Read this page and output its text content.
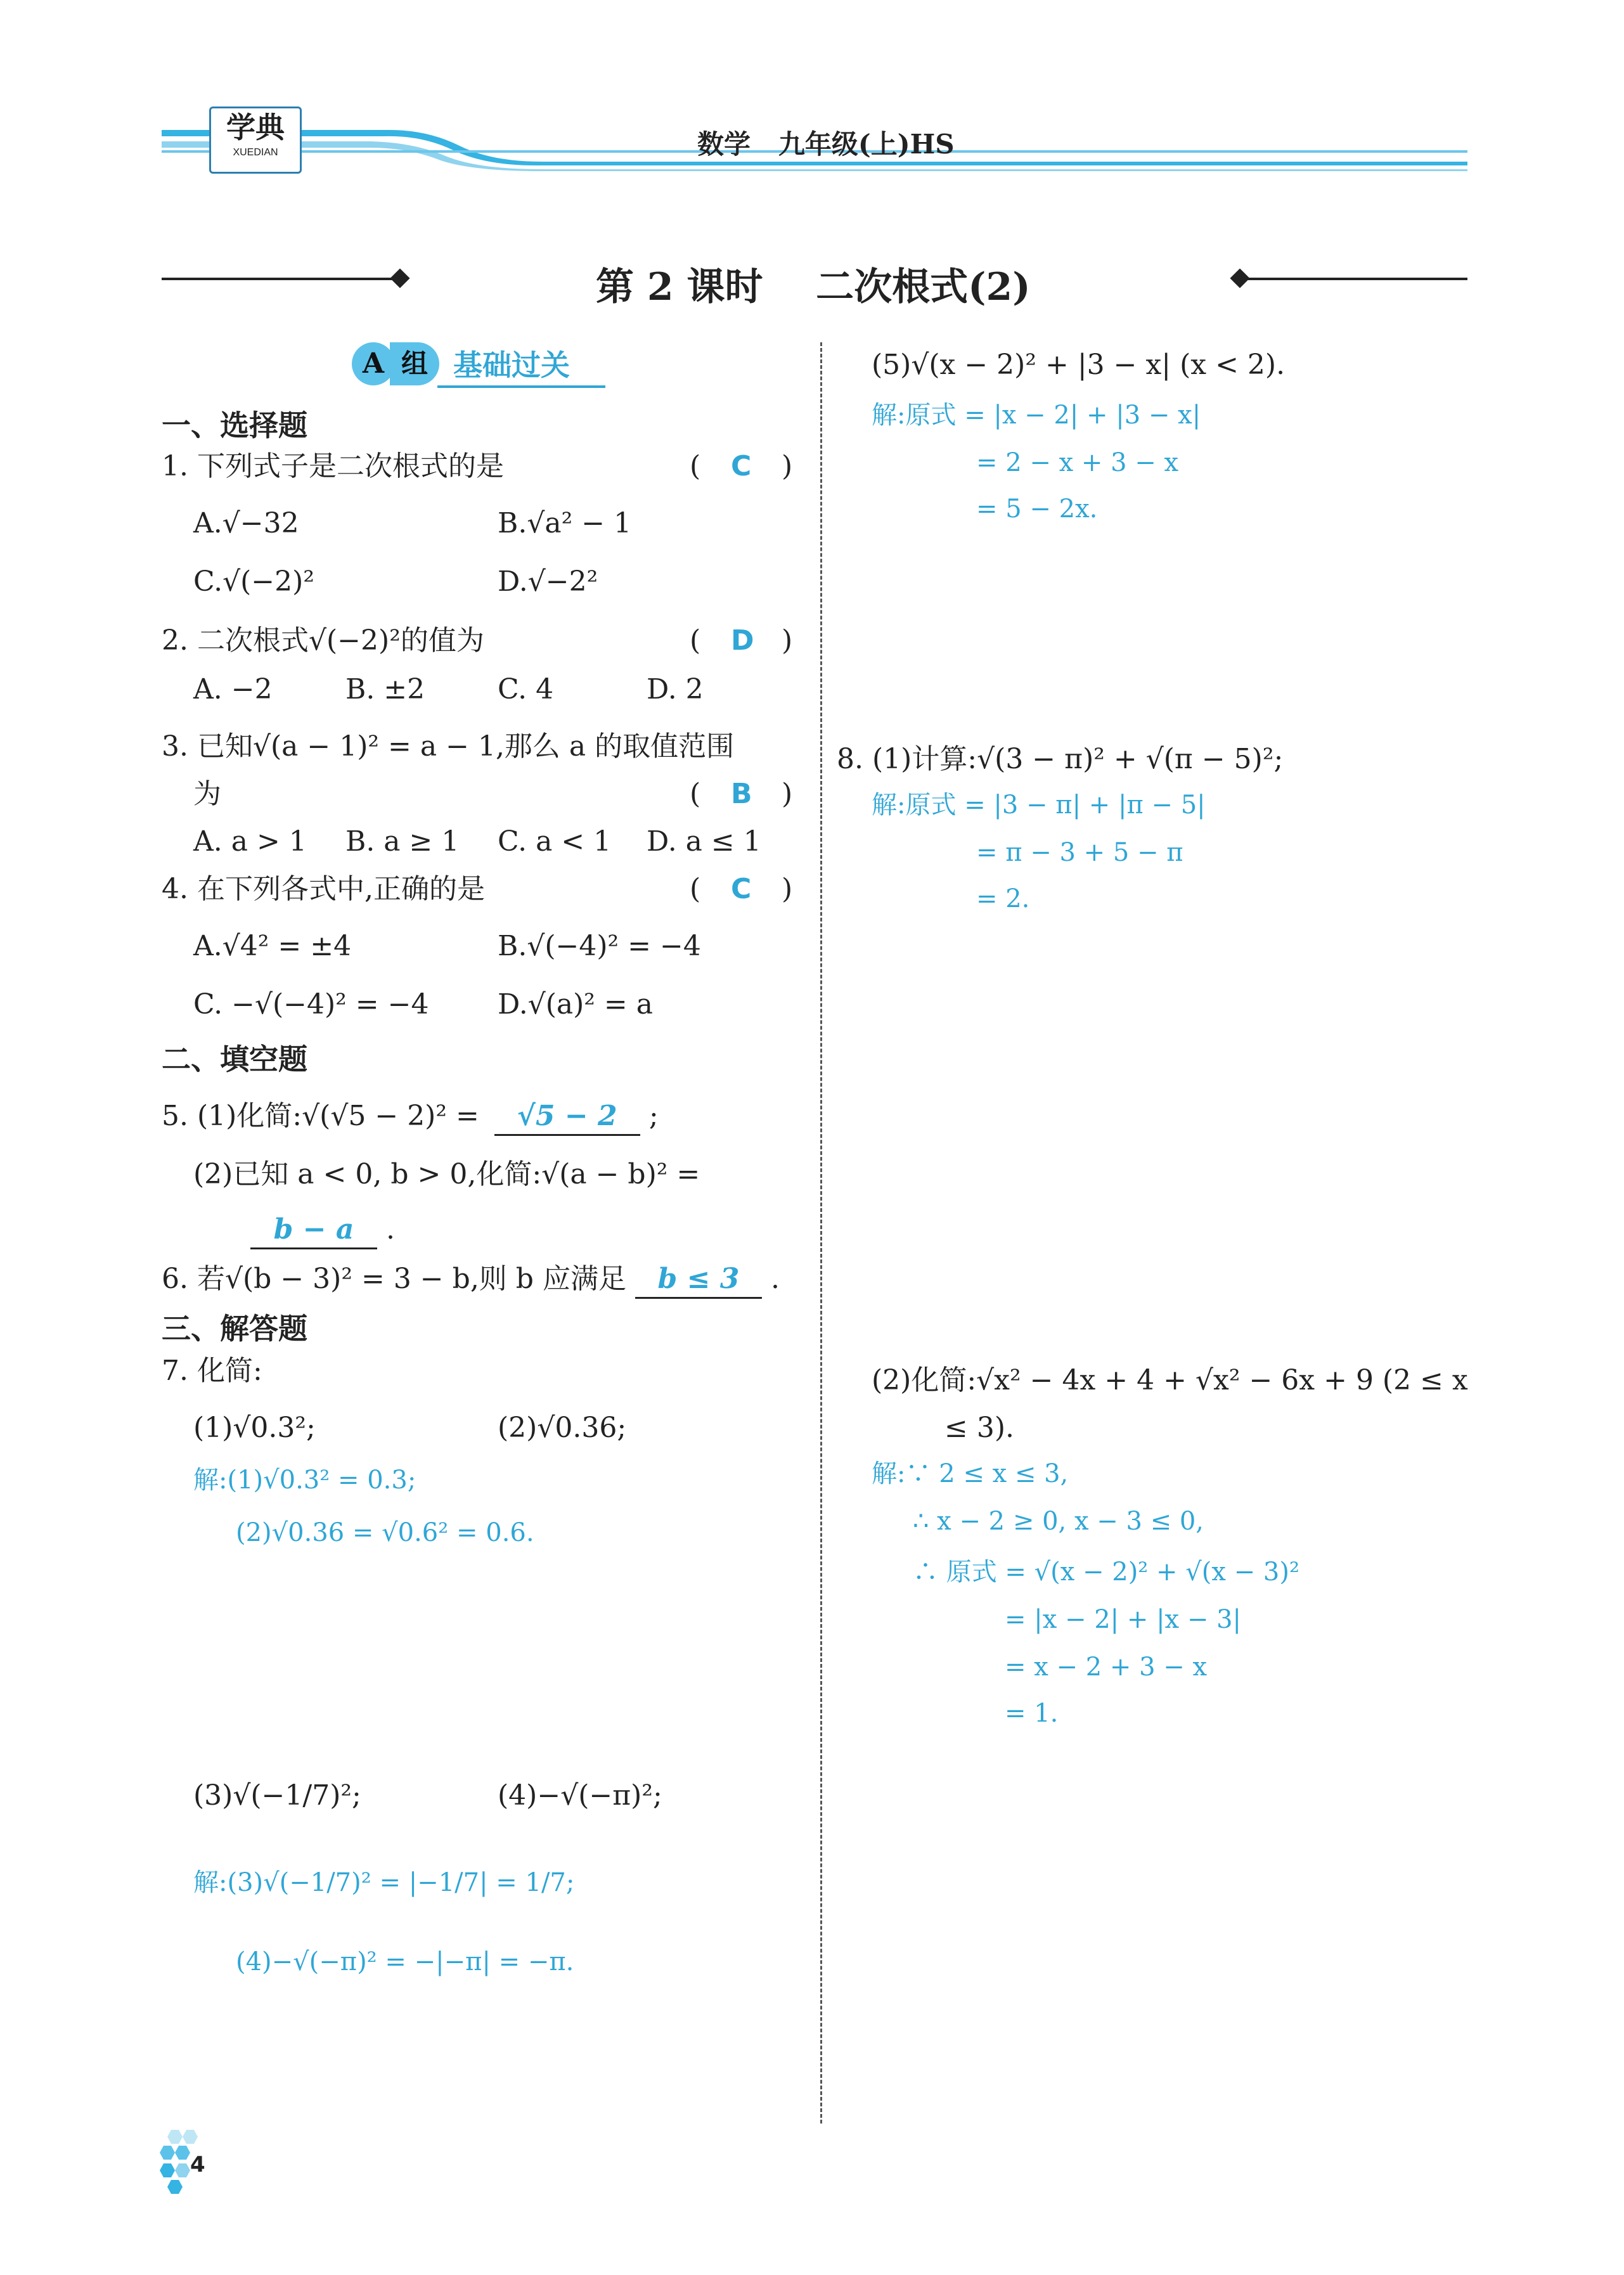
学典
XUEDIAN	数学   九年级(上)HS
第 2 课时    二次根式(2)
A 组 基础过关
一、选择题
1. 下列式子是二次根式的是	( C )
A.√−32	B.√a² − 1
C.√(−2)²	D.√−2²
2. 二次根式√(−2)²的值为	( D )
A. −2	B. ±2	C. 4	D. 2
3. 已知√(a − 1)² = a − 1,那么 a 的取值范围
为	( B )
A. a > 1 B. a ≥ 1 C. a < 1 D. a ≤ 1
4. 在下列各式中,正确的是	( C )
A.√4² = ±4	B.√(−4)² = −4
C. −√(−4)² = −4 D.√(a)² = a
二、填空题
5. (1)化简:√(√5 − 2)² = √5 − 2 ;
(2)已知 a < 0, b > 0,化简:√(a − b)² =
b − a .
6. 若√(b − 3)² = 3 − b,则 b 应满足 b ≤ 3 .
三、解答题
7. 化简:
(1)√0.3²;	(2)√0.36;
解:(1)√0.3² = 0.3;
(2)√0.36 = √0.6² = 0.6.
(3)√(−1/7)²;	(4)−√(−π)²;
解:(3)√(−1/7)² = |−1/7| = 1/7;
(4)−√(−π)² = −|−π| = −π.
(5)√(x − 2)² + |3 − x| (x < 2).
解:原式 = |x − 2| + |3 − x|
= 2 − x + 3 − x
= 5 − 2x.
8. (1)计算:√(3 − π)² + √(π − 5)²;
解:原式 = |3 − π| + |π − 5|
= π − 3 + 5 − π
= 2.
(2)化简:√x² − 4x + 4 + √x² − 6x + 9 (2 ≤ x
≤ 3).
解:∵ 2 ≤ x ≤ 3,
∴ x − 2 ≥ 0, x − 3 ≤ 0,
∴ 原式 = √(x − 2)² + √(x − 3)²
= |x − 2| + |x − 3|
= x − 2 + 3 − x
= 1.
4
